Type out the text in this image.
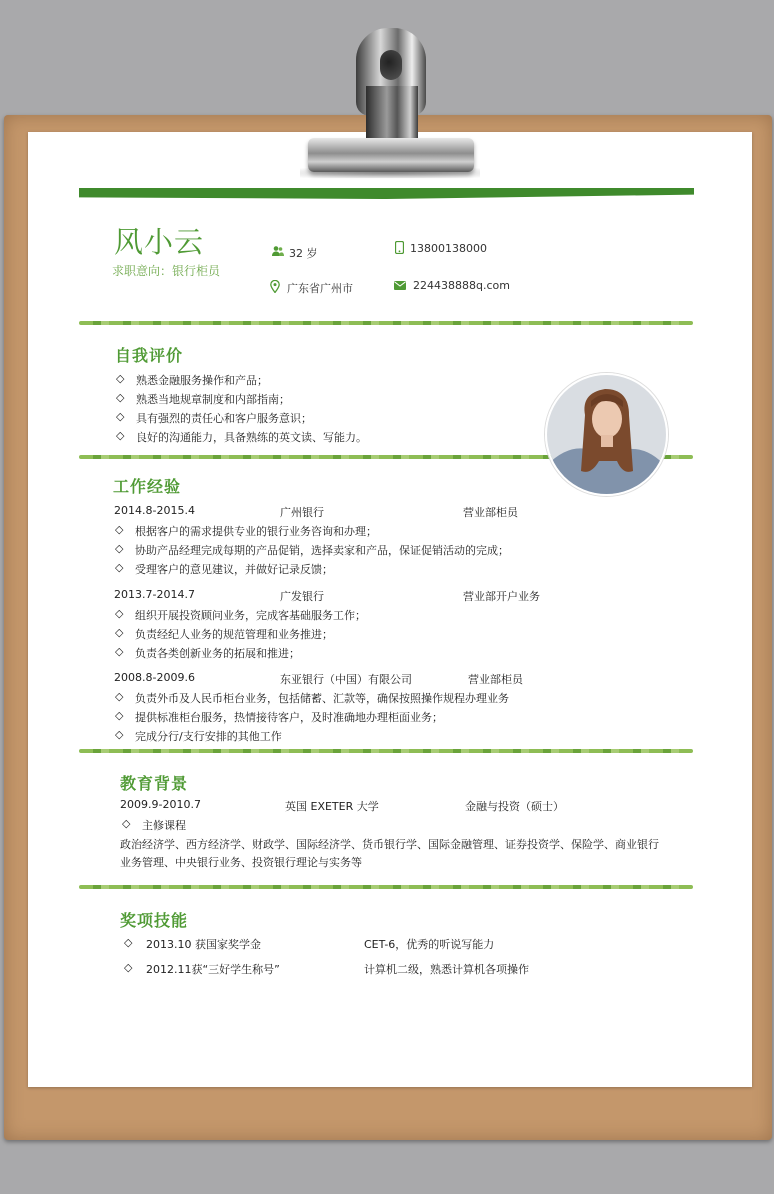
风小云
求职意向：银行柜员
32 岁	13800138000
广东省广州市	224438888q.com
自我评价
◇ 熟悉金融服务操作和产品；
◇ 熟悉当地规章制度和内部指南；
◇ 具有强烈的责任心和客户服务意识；
◇ 良好的沟通能力，具备熟练的英文读、写能力。
工作经验
2014.8-2015.4	广州银行	营业部柜员
◇ 根据客户的需求提供专业的银行业务咨询和办理；
◇ 协助产品经理完成每期的产品促销，选择卖家和产品，保证促销活动的完成；
◇ 受理客户的意见建议，并做好记录反馈；
2013.7-2014.7	广发银行	营业部开户业务
◇ 组织开展投资顾问业务，完成客基础服务工作；
◇ 负责经纪人业务的规范管理和业务推进；
◇ 负责各类创新业务的拓展和推进；
2008.8-2009.6	东亚银行（中国）有限公司	营业部柜员
◇ 负责外币及人民币柜台业务，包括储蓄、汇款等，确保按照操作规程办理业务
◇ 提供标准柜台服务，热情接待客户，及时准确地办理柜面业务；
◇ 完成分行/支行安排的其他工作
教育背景
2009.9-2010.7	英国 EXETER 大学	金融与投资（硕士）
◇ 主修课程
政治经济学、西方经济学、财政学、国际经济学、货币银行学、国际金融管理、证券投资学、保险学、商业银行
业务管理、中央银行业务、投资银行理论与实务等
奖项技能
◇ 2013.10 获国家奖学金	CET-6，优秀的听说写能力
◇ 2012.11获“三好学生称号”	计算机二级，熟悉计算机各项操作
